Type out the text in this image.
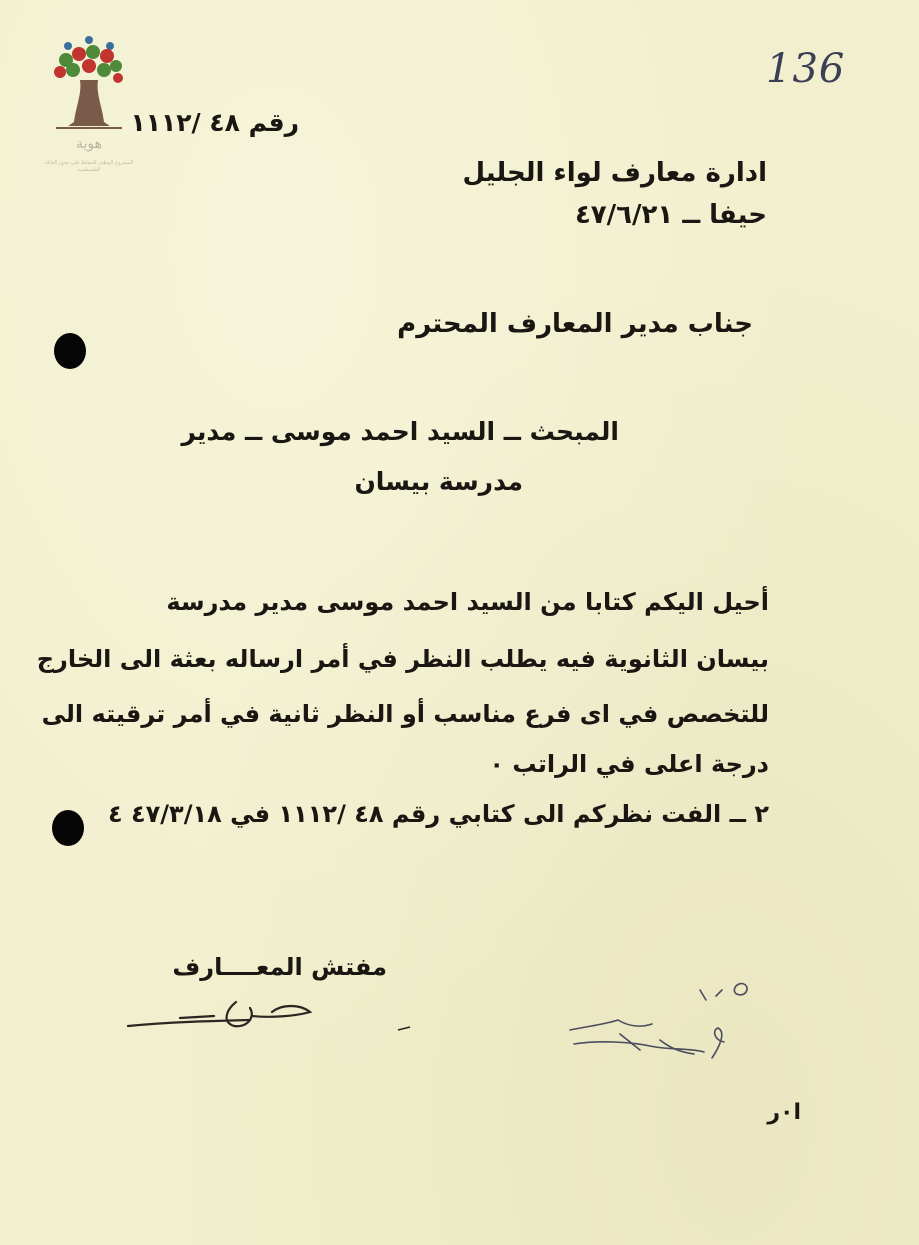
هوية
المشروع الوطني للحفاظ على جذور العائلة الفلسطينية
136
رقم ٤٨ /١١١٢
ادارة معارف لواء الجليل
حيفا ــ ٤٧/٦/٢١
جناب مدير المعارف المحترم
المبحث ــ السيد احمد موسى ــ مدير
مدرسة بيسان
أحيل اليكم كتابا من السيد احمد موسى مدير مدرسة
بيسان الثانوية فيه يطلب النظر في أمر ارساله بعثة الى الخارج
للتخصص في اى فرع مناسب أو النظر ثانية في أمر ترقيته الى
درجة اعلى في الراتب ٠
٢ ــ الفت نظركم الى كتابي رقم ٤٨ /١١١٢ في ٤٧/٣/١٨ ٤
مفتش المعــــارف
ا٠ر
